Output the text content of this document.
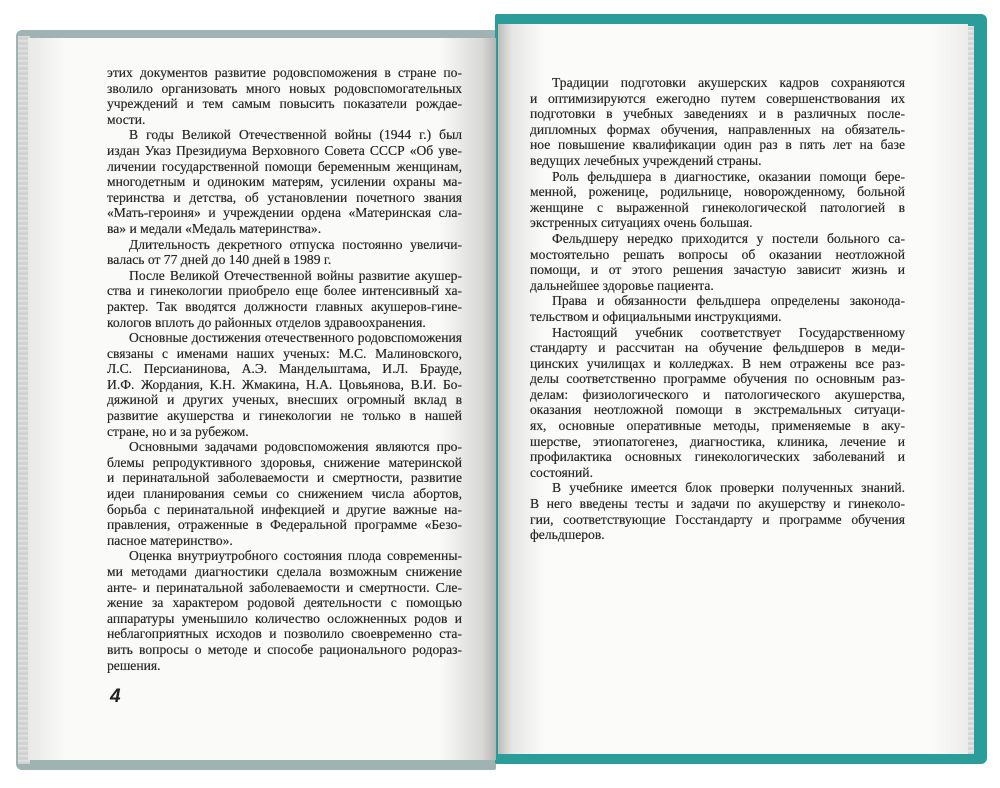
этих документов развитие родовспоможения в стране по-
зволило организовать много новых родовспомогательных
учреждений и тем самым повысить показатели рождае-
мости.
В годы Великой Отечественной войны (1944 г.) был
издан Указ Президиума Верховного Совета СССР «Об уве-
личении государственной помощи беременным женщинам,
многодетным и одиноким матерям, усилении охраны ма-
теринства и детства, об установлении почетного звания
«Мать-героиня» и учреждении ордена «Материнская сла-
ва» и медали «Медаль материнства».
Длительность декретного отпуска постоянно увеличи-
валась от 77 дней до 140 дней в 1989 г.
После Великой Отечественной войны развитие акушер-
ства и гинекологии приобрело еще более интенсивный ха-
рактер. Так вводятся должности главных акушеров-гине-
кологов вплоть до районных отделов здравоохранения.
Основные достижения отечественного родовспоможения
связаны с именами наших ученых: М.С. Малиновского,
Л.С. Персианинова, А.Э. Мандельштама, И.Л. Брауде,
И.Ф. Жордания, К.Н. Жмакина, Н.А. Цовьянова, В.И. Бо-
дяжиной и других ученых, внесших огромный вклад в
развитие акушерства и гинекологии не только в нашей
стране, но и за рубежом.
Основными задачами родовспоможения являются про-
блемы репродуктивного здоровья, снижение материнской
и перинатальной заболеваемости и смертности, развитие
идеи планирования семьи со снижением числа абортов,
борьба с перинатальной инфекцией и другие важные на-
правления, отраженные в Федеральной программе «Безо-
пасное материнство».
Оценка внутриутробного состояния плода современны-
ми методами диагностики сделала возможным снижение
анте- и перинатальной заболеваемости и смертности. Сле-
жение за характером родовой деятельности с помощью
аппаратуры уменьшило количество осложненных родов и
неблагоприятных исходов и позволило своевременно ста-
вить вопросы о методе и способе рационального родораз-
решения.
Традиции подготовки акушерских кадров сохраняются
и оптимизируются ежегодно путем совершенствования их
подготовки в учебных заведениях и в различных после-
дипломных формах обучения, направленных на обязатель-
ное повышение квалификации один раз в пять лет на базе
ведущих лечебных учреждений страны.
Роль фельдшера в диагностике, оказании помощи бере-
менной, роженице, родильнице, новорожденному, больной
женщине с выраженной гинекологической патологией в
экстренных ситуациях очень большая.
Фельдшеру нередко приходится у постели больного са-
мостоятельно решать вопросы об оказании неотложной
помощи, и от этого решения зачастую зависит жизнь и
дальнейшее здоровье пациента.
Права и обязанности фельдшера определены законода-
тельством и официальными инструкциями.
Настоящий учебник соответствует Государственному
стандарту и рассчитан на обучение фельдшеров в меди-
цинских училищах и колледжах. В нем отражены все раз-
делы соответственно программе обучения по основным раз-
делам: физиологического и патологического акушерства,
оказания неотложной помощи в экстремальных ситуаци-
ях, основные оперативные методы, применяемые в аку-
шерстве, этиопатогенез, диагностика, клиника, лечение и
профилактика основных гинекологических заболеваний и
состояний.
В учебнике имеется блок проверки полученных знаний.
В него введены тесты и задачи по акушерству и гинеколо-
гии, соответствующие Госстандарту и программе обучения
фельдшеров.
4
